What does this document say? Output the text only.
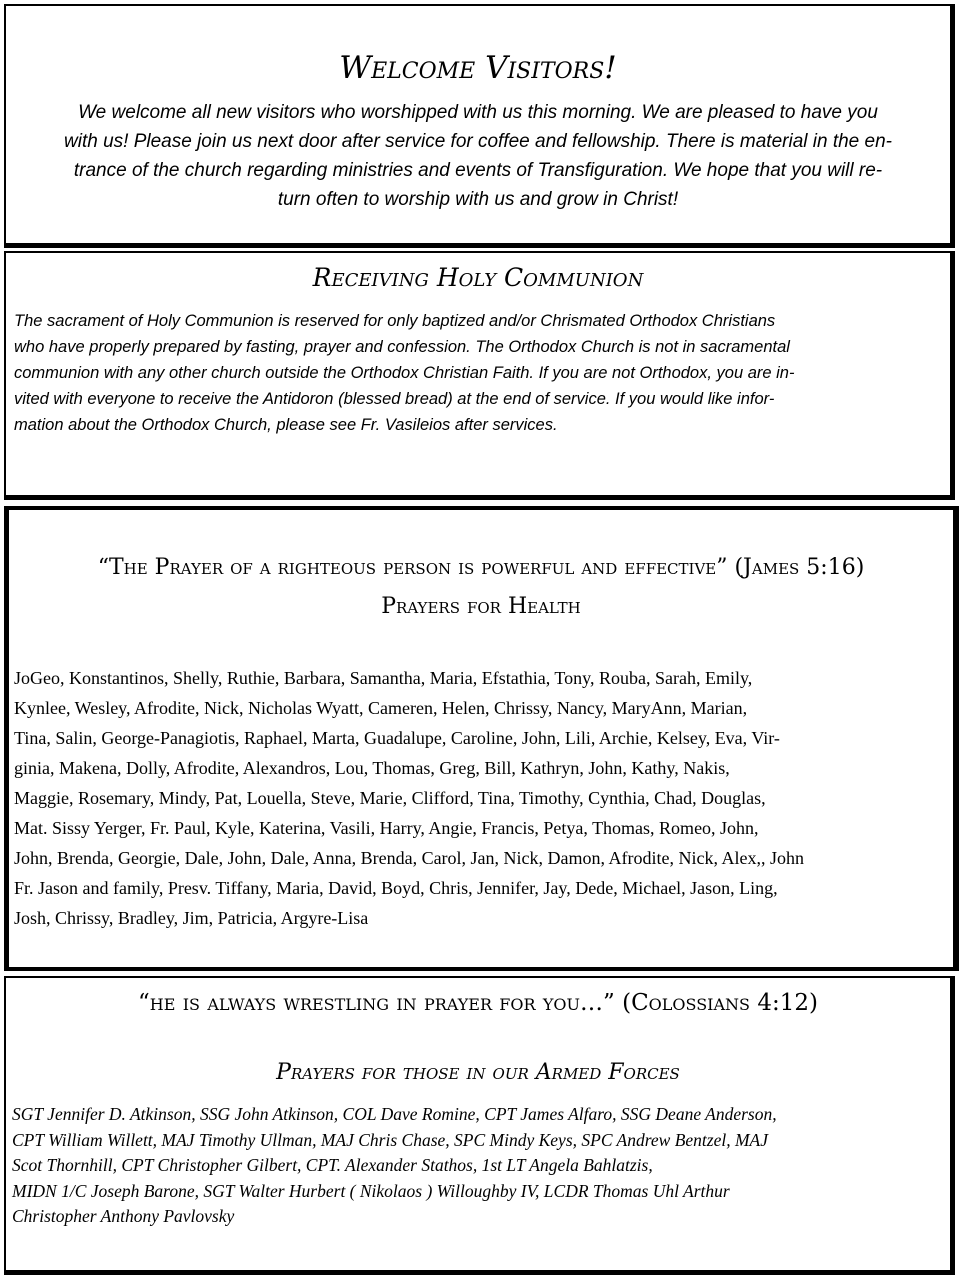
Welcome Visitors!
We welcome all new visitors who worshipped with us this morning. We are pleased to have you
with us! Please join us next door after service for coffee and fellowship. There is material in the en-
trance of the church regarding ministries and events of Transfiguration. We hope that you will re-
turn often to worship with us and grow in Christ!
Receiving Holy Communion
The sacrament of Holy Communion is reserved for only baptized and/or Chrismated Orthodox Christians
who have properly prepared by fasting, prayer and confession. The Orthodox Church is not in sacramental
communion with any other church outside the Orthodox Christian Faith. If you are not Orthodox, you are in-
vited with everyone to receive the Antidoron (blessed bread) at the end of service. If you would like infor-
mation about the Orthodox Church, please see Fr. Vasileios after services.
“The Prayer of a righteous person is powerful and effective” (James 5:16)
Prayers for Health
JoGeo, Konstantinos, Shelly, Ruthie, Barbara, Samantha, Maria, Efstathia, Tony, Rouba, Sarah, Emily,
Kynlee, Wesley, Afrodite, Nick, Nicholas Wyatt, Cameren, Helen, Chrissy, Nancy, MaryAnn, Marian,
Tina, Salin, George-Panagiotis, Raphael, Marta, Guadalupe, Caroline, John, Lili, Archie, Kelsey, Eva, Vir-
ginia, Makena, Dolly, Afrodite, Alexandros, Lou, Thomas, Greg, Bill, Kathryn, John, Kathy, Nakis,
Maggie, Rosemary, Mindy, Pat, Louella, Steve, Marie, Clifford, Tina, Timothy, Cynthia, Chad, Douglas,
Mat. Sissy Yerger, Fr. Paul, Kyle, Katerina, Vasili, Harry, Angie, Francis, Petya, Thomas, Romeo, John,
John, Brenda, Georgie, Dale, John, Dale, Anna, Brenda, Carol, Jan, Nick, Damon, Afrodite, Nick, Alex,, John
Fr. Jason and family, Presv. Tiffany, Maria, David, Boyd, Chris, Jennifer, Jay, Dede, Michael, Jason, Ling,
Josh, Chrissy, Bradley, Jim, Patricia, Argyre-Lisa
“he is always wrestling in prayer for you…” (Colossians 4:12)
Prayers for those in our Armed Forces
SGT Jennifer D. Atkinson, SSG John Atkinson, COL Dave Romine, CPT James Alfaro, SSG Deane Anderson,
CPT William Willett, MAJ Timothy Ullman, MAJ Chris Chase, SPC Mindy Keys, SPC Andrew Bentzel, MAJ
Scot Thornhill, CPT Christopher Gilbert, CPT. Alexander Stathos, 1st LT Angela Bahlatzis,
MIDN 1/C Joseph Barone, SGT Walter Hurbert ( Nikolaos ) Willoughby IV, LCDR Thomas Uhl Arthur
Christopher Anthony Pavlovsky
